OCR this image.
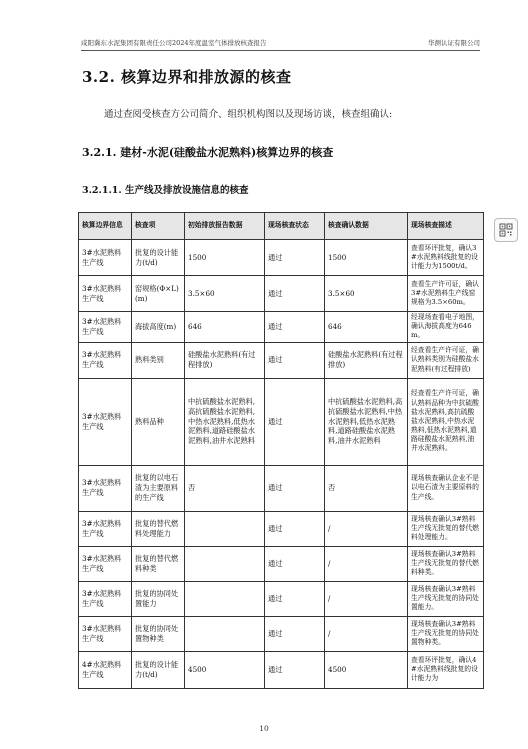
咸阳冀东水泥集团有限责任公司2024年度温室气体排放核查报告	华测认证有限公司
3.2. 核算边界和排放源的核查

通过查阅受核查方公司简介、组织机构图以及现场访谈，核查组确认:

3.2.1. 建材-水泥(硅酸盐水泥熟料)核算边界的核查
3.2.1.1. 生产线及排放设施信息的核查
核算边界信息	核查项	初始排放报告数据	现场核查状态	核查确认数据	现场核查描述
3#水泥熟料生产线	批复的设计能力(t/d)	1500	通过	1500	查看环评批复，确认3#水泥熟料线批复的设计能力为1500t/d。
3#水泥熟料生产线	窑规格(Φ×L)(m)	3.5×60	通过	3.5×60	查看生产许可证，确认3#水泥熟料生产线窑规格为3.5×60m。
3#水泥熟料生产线	海拔高度(m)	646	通过	646	经现场查看电子地图，确认海拔高度为646m。
3#水泥熟料生产线	熟料类别	硅酸盐水泥熟料(有过程排放)	通过	硅酸盐水泥熟料(有过程排放)	经查看生产许可证，确认熟料类别为硅酸盐水泥熟料(有过程排放)
3#水泥熟料生产线	熟料品种	中抗硫酸盐水泥熟料,高抗硫酸盐水泥熟料,中热水泥熟料,低热水泥熟料,道路硅酸盐水泥熟料,油井水泥熟料	通过	中抗硫酸盐水泥熟料,高抗硫酸盐水泥熟料,中热水泥熟料,低热水泥熟料,道路硅酸盐水泥熟料,油井水泥熟料	经查看生产许可证，确认熟料品种为中抗硫酸盐水泥熟料,高抗硫酸盐水泥熟料,中热水泥熟料,低热水泥熟料,道路硅酸盐水泥熟料,油井水泥熟料。
3#水泥熟料生产线	批复的以电石渣为主要原料的生产线	否	通过	否	现场核查确认企业不是以电石渣为主要原料的生产线。
3#水泥熟料生产线	批复的替代燃料处理能力		通过	/	现场核查确认3#熟料生产线无批复的替代燃料处理能力。
3#水泥熟料生产线	批复的替代燃料种类		通过	/	现场核查确认3#熟料生产线无批复的替代燃料种类。
3#水泥熟料生产线	批复的协同处置能力		通过	/	现场核查确认3#熟料生产线无批复的协同处置能力。
3#水泥熟料生产线	批复的协同处置物种类		通过	/	现场核查确认3#熟料生产线无批复的协同处置物种类。
4#水泥熟料生产线	批复的设计能力(t/d)	4500	通过	4500	查看环评批复，确认4#水泥熟料线批复的设计能力为
10
